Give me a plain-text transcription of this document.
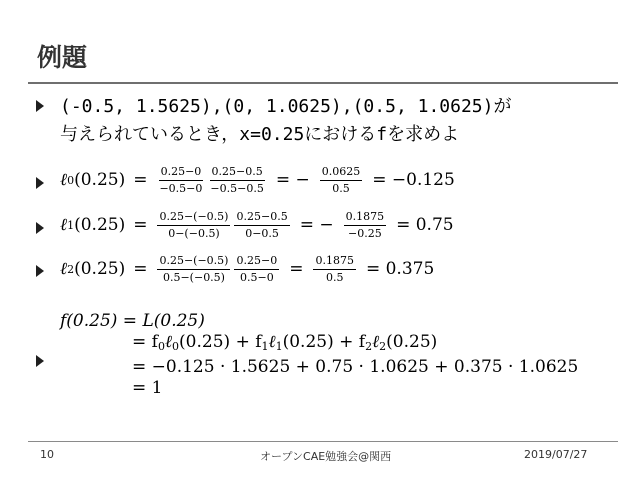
例題
(-0.5, 1.5625),(0, 1.0625),(0.5, 1.0625)が
与えられているとき，x=0.25におけるfを求めよ
ℓ 0 $(0.25) = \frac{0.25-0}{-0.5-0} \frac{0.25-0.5}{-0.5-0.5}$ = − $\frac{0.0625}{0.5} = -0.125$
ℓ 1 $(0.25) = \frac{0.25-(-0.5)}{0-(-0.5)} \frac{0.25-0.5}{0-0.5}$ = − $\frac{0.1875}{-0.25} = 0.75$
ℓ 2 $(0.25) = \frac{0.25-(-0.5)}{0.5-(-0.5)} \frac{0.25-0}{0.5-0} = \frac{0.1875}{0.5} = 0.375$
f(0.25) = L(0.25)
= $f_0\ell_0(0.25)$ + $f_1\ell_1(0.25)$ + $f_2\ell_2(0.25)$
= −0.125 · 1.5625 + 0.75 · 1.0625 + 0.375 · 1.0625
= 1
10	オープンCAE勉強会@関西	2019/07/27
